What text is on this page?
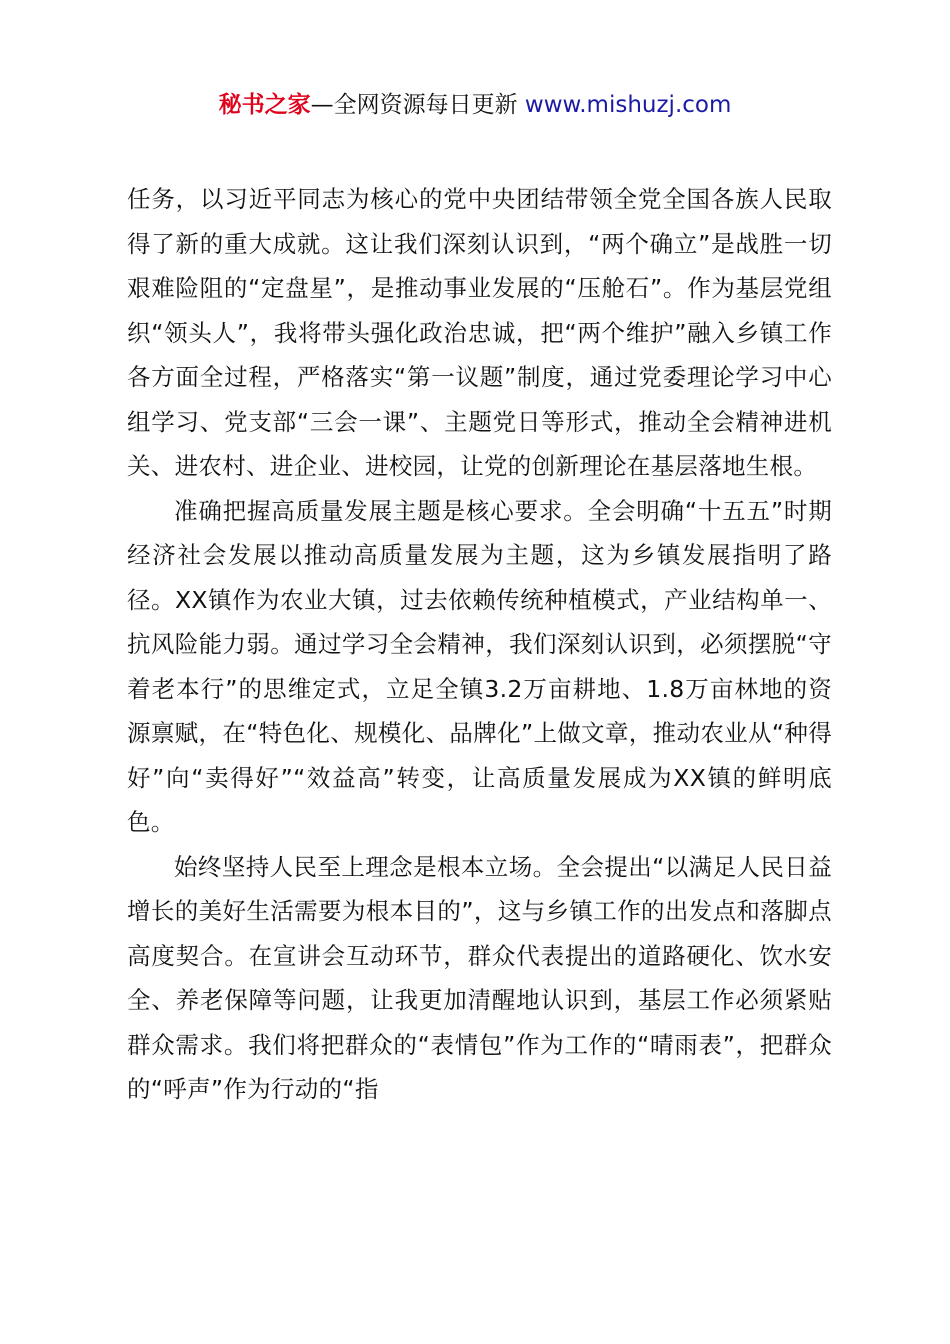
秘书之家—全网资源每日更新 www.mishuzj.com

任务，以习近平同志为核心的党中央团结带领全党全国各族人民取得了新的重大成就。这让我们深刻认识到，“两个确立”是战胜一切艰难险阻的“定盘星”，是推动事业发展的“压舱石”。作为基层党组织“领头人”，我将带头强化政治忠诚，把“两个维护”融入乡镇工作各方面全过程，严格落实“第一议题”制度，通过党委理论学习中心组学习、党支部“三会一课”、主题党日等形式，推动全会精神进机关、进农村、进企业、进校园，让党的创新理论在基层落地生根。

准确把握高质量发展主题是核心要求。全会明确“十五五”时期经济社会发展以推动高质量发展为主题，这为乡镇发展指明了路径。XX镇作为农业大镇，过去依赖传统种植模式，产业结构单一、抗风险能力弱。通过学习全会精神，我们深刻认识到，必须摆脱“守着老本行”的思维定式，立足全镇3.2万亩耕地、1.8万亩林地的资源禀赋，在“特色化、规模化、品牌化”上做文章，推动农业从“种得好”向“卖得好”“效益高”转变，让高质量发展成为XX镇的鲜明底色。

始终坚持人民至上理念是根本立场。全会提出“以满足人民日益增长的美好生活需要为根本目的”，这与乡镇工作的出发点和落脚点高度契合。在宣讲会互动环节，群众代表提出的道路硬化、饮水安全、养老保障等问题，让我更加清醒地认识到，基层工作必须紧贴群众需求。我们将把群众的“表情包”作为工作的“晴雨表”，把群众的“呼声”作为行动的“指
